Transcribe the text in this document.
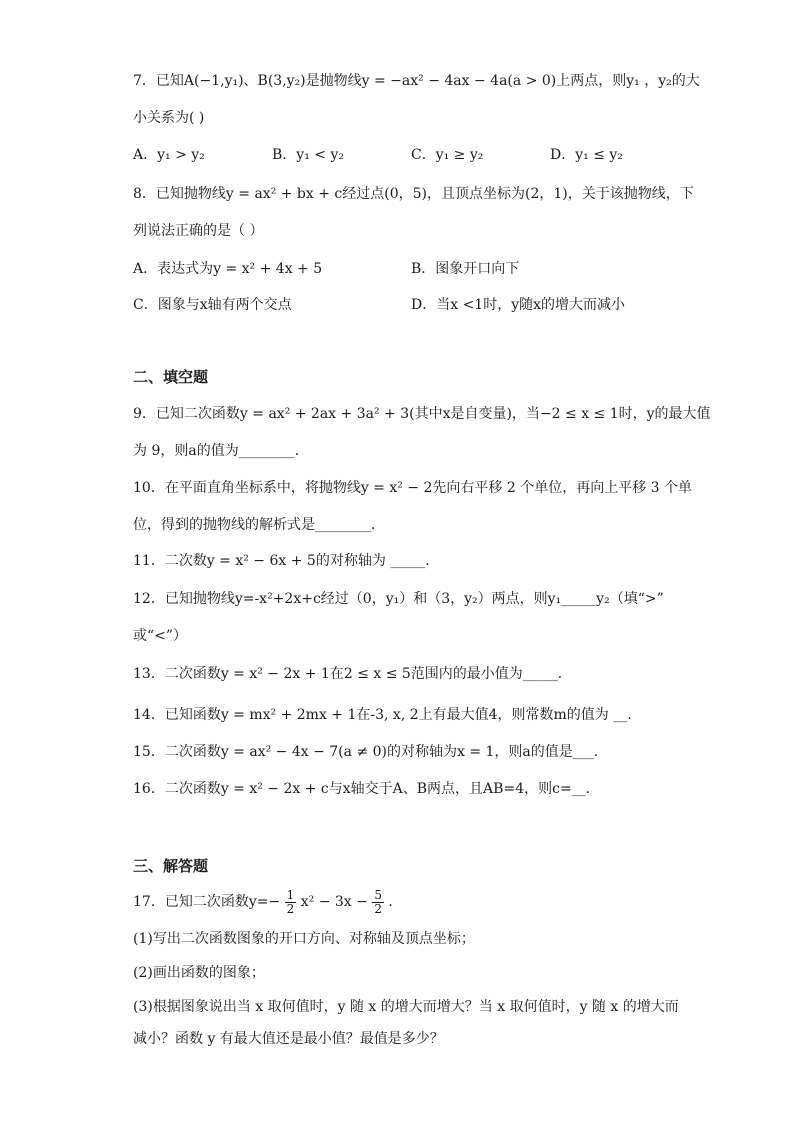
7．已知A(−1,y₁)、B(3,y₂)是抛物线y = −ax² − 4ax − 4a(a > 0)上两点，则y₁ ，y₂的大
小关系为( )
A．y₁ > y₂	B．y₁ < y₂	C．y₁ ≥ y₂	D．y₁ ≤ y₂
8．已知抛物线y = ax² + bx + c经过点(0，5)，且顶点坐标为(2，1)，关于该抛物线，下
列说法正确的是（ ）
A．表达式为y = x² + 4x + 5	B．图象开口向下
C．图象与x轴有两个交点	D．当x <1时，y随x的增大而减小
二、填空题
9．已知二次函数y = ax² + 2ax + 3a² + 3(其中x是自变量)，当−2 ≤ x ≤ 1时，y的最大值
为 9，则a的值为________．
10．在平面直角坐标系中，将抛物线y = x² − 2先向右平移 2 个单位，再向上平移 3 个单
位，得到的抛物线的解析式是________．
11．二次数y = x² − 6x + 5的对称轴为 _____．
12．已知抛物线y=-x²+2x+c经过（0，y₁）和（3，y₂）两点，则y₁_____y₂（填“>”
或“<”）
13．二次函数y = x² − 2x + 1在2 ≤ x ≤ 5范围内的最小值为_____．
14．已知函数y = mx² + 2mx + 1在-3, x, 2上有最大值4，则常数m的值为 __.
15．二次函数y = ax² − 4x − 7(a ≠ 0)的对称轴为x = 1，则a的值是___．
16．二次函数y = x² − 2x + c与x轴交于A、B两点，且AB=4，则c=__．
三、解答题
17．已知二次函数$y=- \frac{1}{2} x^2 - 3x - \frac{5}{2}$ ．
(1)写出二次函数图象的开口方向、对称轴及顶点坐标；
(2)画出函数的图象；
(3)根据图象说出当 x 取何值时，y 随 x 的增大而增大？当 x 取何值时，y 随 x 的增大而
减小？函数 y 有最大值还是最小值？最值是多少？
